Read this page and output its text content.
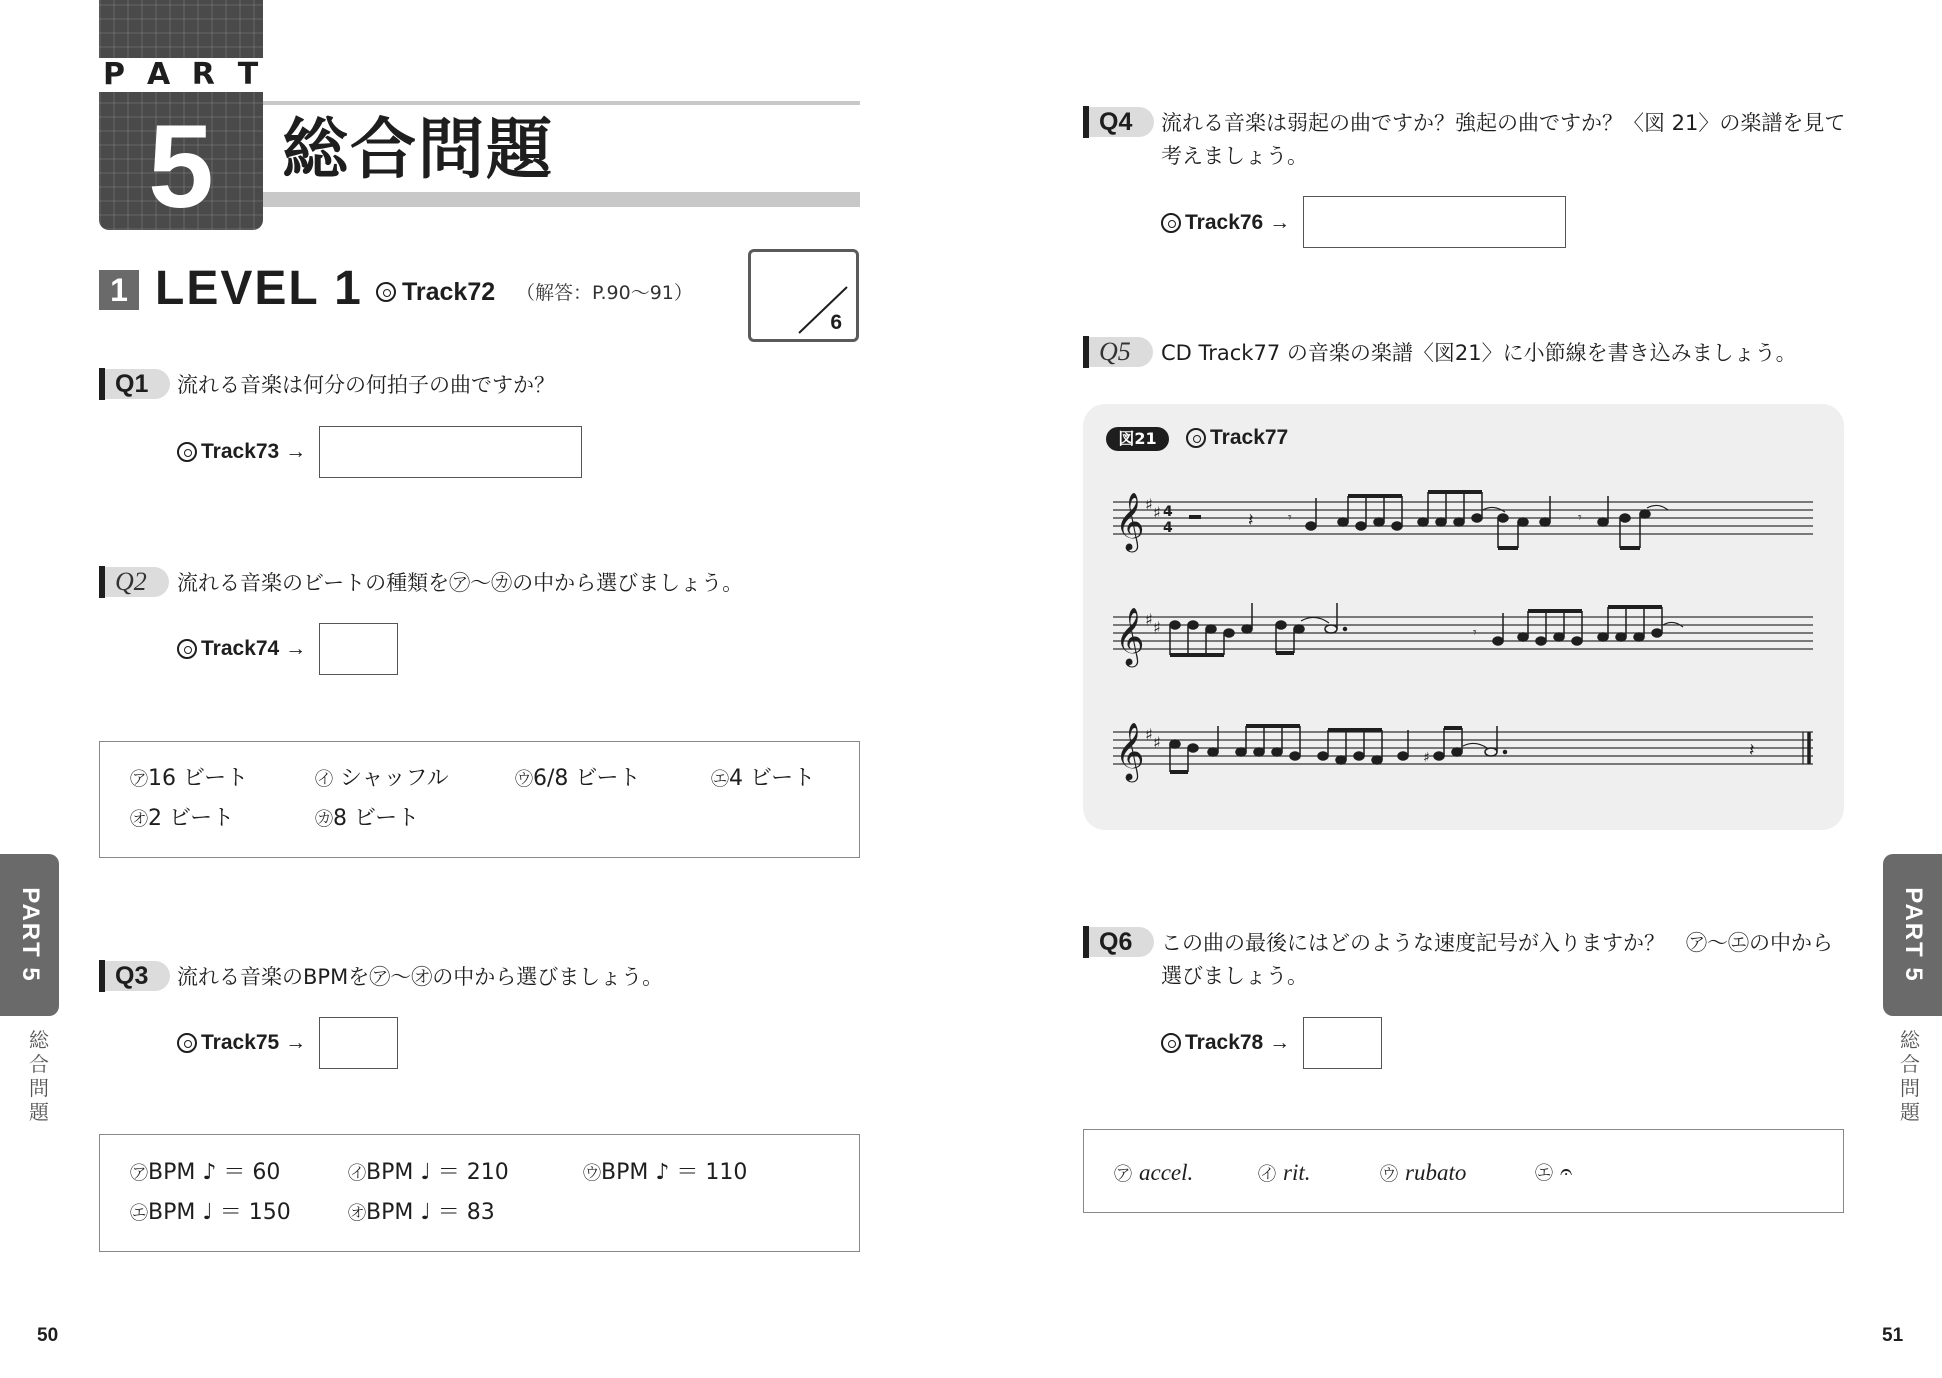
P A R T
5	総合問題
1 LEVEL 1 Track72 （解答：P.90〜91）
6
Q1	流れる音楽は何分の何拍子の曲ですか？
Track73 →
Q2	流れる音楽のビートの種類を㋐〜㋕の中から選びましょう。
Track74 →
㋐16 ビート	㋑ シャッフル	㋒6/8 ビート	㋓4 ビート
㋔2 ビート	㋕8 ビート
Q3	流れる音楽のBPMを㋐〜㋔の中から選びましょう。
Track75 →
㋐BPM ♪ ＝ 60	㋑BPM ♩ ＝ 210	㋒BPM ♪ ＝ 110
㋓BPM ♩ ＝ 150	㋔BPM ♩ ＝ 83
Q4	流れる音楽は弱起の曲ですか？強起の曲ですか？〈図 21〉の楽譜を見て
考えましょう。
Track76 →
Q5	CD Track77 の音楽の楽譜〈図21〉に小節線を書き込みましょう。
図21	Track77
𝄞 ♯ ♯ 4
4	𝄽 𝄾	𝄾
𝄞 ♯ ♯	𝄾
𝄞 ♯ ♯
♯	𝄽
Q6	この曲の最後にはどのような速度記号が入りますか？　㋐〜㋓の中から
選びましょう。
Track78 →
㋐ accel.	㋑ rit.	㋒ rubato	㋓ 𝄐
PART 5
総
合
問
題
PART 5
総
合
問
題
50	51
